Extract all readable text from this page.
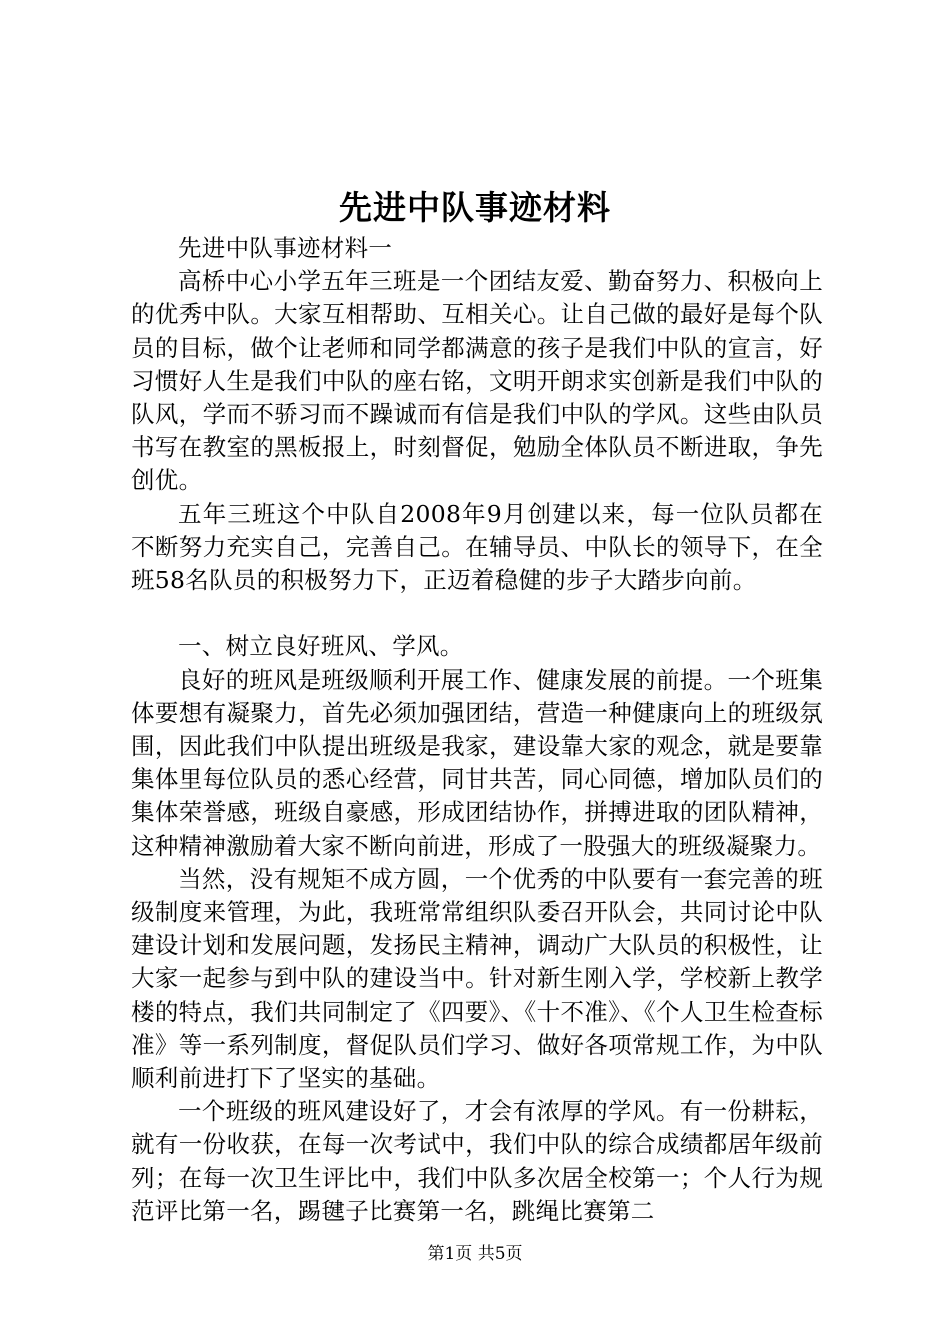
先进中队事迹材料

先进中队事迹材料一

高桥中心小学五年三班是一个团结友爱、勤奋努力、积极向上的优秀中队。大家互相帮助、互相关心。让自己做的最好是每个队员的目标，做个让老师和同学都满意的孩子是我们中队的宣言，好习惯好人生是我们中队的座右铭，文明开朗求实创新是我们中队的队风，学而不骄习而不躁诚而有信是我们中队的学风。这些由队员书写在教室的黑板报上，时刻督促，勉励全体队员不断进取，争先创优。

五年三班这个中队自2008年9月创建以来，每一位队员都在不断努力充实自己，完善自己。在辅导员、中队长的领导下，在全班58名队员的积极努力下，正迈着稳健的步子大踏步向前。

一、树立良好班风、学风。

良好的班风是班级顺利开展工作、健康发展的前提。一个班集体要想有凝聚力，首先必须加强团结，营造一种健康向上的班级氛围，因此我们中队提出班级是我家，建设靠大家的观念，就是要靠集体里每位队员的悉心经营，同甘共苦，同心同德，增加队员们的集体荣誉感，班级自豪感，形成团结协作，拼搏进取的团队精神，这种精神激励着大家不断向前进，形成了一股强大的班级凝聚力。

当然，没有规矩不成方圆，一个优秀的中队要有一套完善的班级制度来管理，为此，我班常常组织队委召开队会，共同讨论中队建设计划和发展问题，发扬民主精神，调动广大队员的积极性，让大家一起参与到中队的建设当中。针对新生刚入学，学校新上教学楼的特点，我们共同制定了《四要》、《十不准》、《个人卫生检查标准》等一系列制度，督促队员们学习、做好各项常规工作，为中队顺利前进打下了坚实的基础。

一个班级的班风建设好了，才会有浓厚的学风。有一份耕耘，就有一份收获，在每一次考试中，我们中队的综合成绩都居年级前列；在每一次卫生评比中，我们中队多次居全校第一；个人行为规范评比第一名，踢毽子比赛第一名，跳绳比赛第二

第1页 共5页
